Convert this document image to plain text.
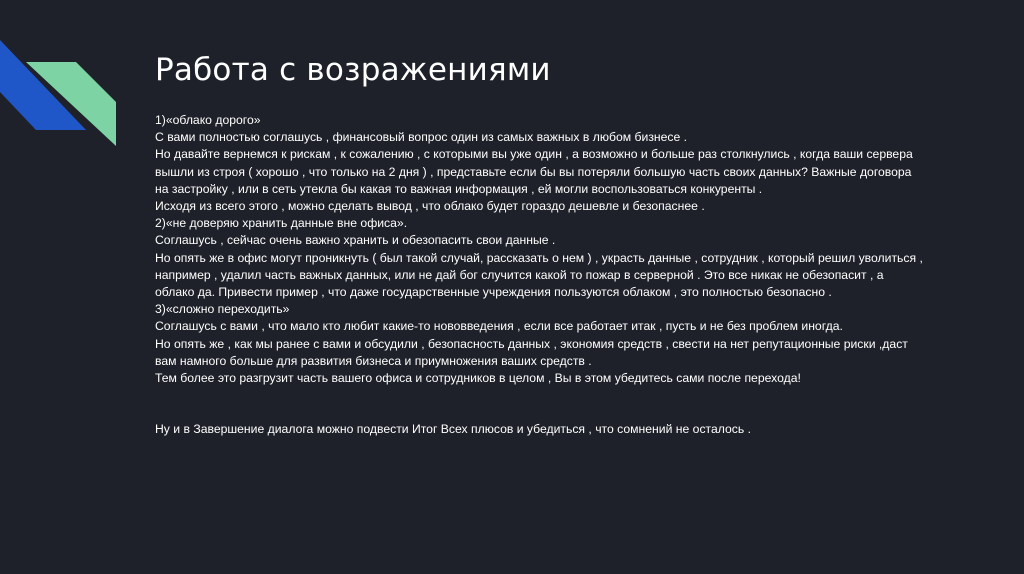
Работа с возражениями

1)«облако дорого»

С вами полностью соглашусь , финансовый вопрос один из самых важных в любом бизнесе .

Но давайте вернемся к рискам , к сожалению , с которыми вы уже один , а возможно и больше раз столкнулись , когда ваши сервера вышли из строя ( хорошо , что только на 2 дня ) , представьте если бы вы потеряли большую часть своих данных? Важные договора на застройку , или в сеть утекла бы какая то важная информация , ей могли воспользоваться конкуренты .

Исходя из всего этого , можно сделать вывод , что облако будет гораздо дешевле и безопаснее .

2)«не доверяю хранить данные вне офиса».

Соглашусь , сейчас очень важно хранить и обезопасить свои данные .

Но опять же в офис могут проникнуть ( был такой случай, рассказать о нем ) , украсть данные , сотрудник , который решил уволиться , например , удалил часть важных данных, или не дай бог случится какой то пожар в серверной . Это все никак не обезопасит , а облако да. Привести пример , что даже государственные учреждения пользуются облаком , это полностью безопасно .

3)«сложно переходить»

Соглашусь с вами , что мало кто любит какие-то нововведения , если все работает итак , пусть и не без проблем иногда.

Но опять же , как мы ранее с вами и обсудили , безопасность данных , экономия средств , свести на нет репутационные риски ,даст вам намного больше для развития бизнеса и приумножения ваших средств .

Тем более это разгрузит часть вашего офиса и сотрудников в целом , Вы в этом убедитесь сами после перехода!

Ну и в Завершение диалога можно подвести Итог Всех плюсов и убедиться , что сомнений не осталось .
